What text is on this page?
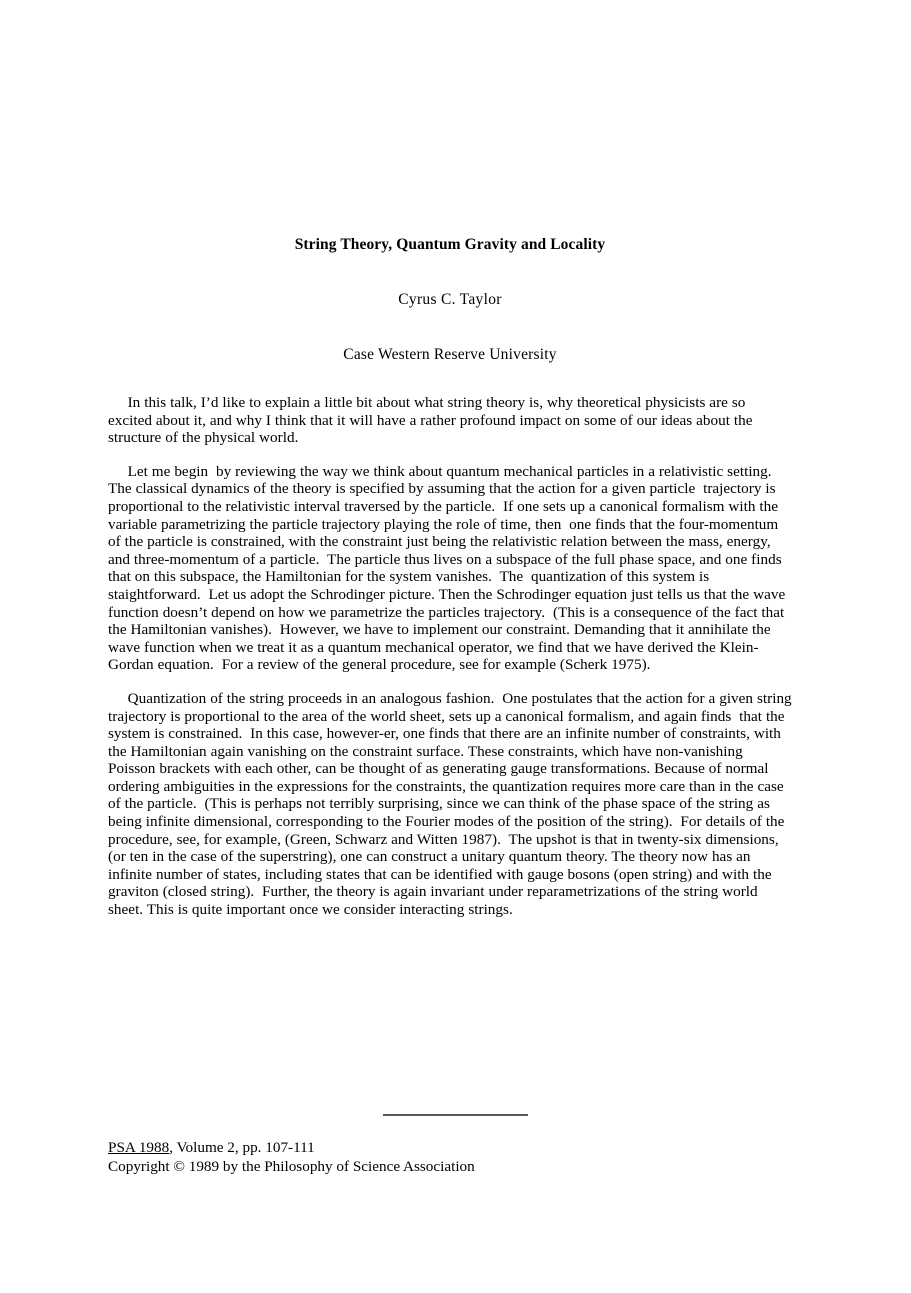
String Theory, Quantum Gravity and Locality
Cyrus C. Taylor
Case Western Reserve University

In this talk, I’d like to explain a little bit about what string theory is, why theoretical physicists are so excited about it, and why I think that it will have a rather profound impact on some of our ideas about the structure of the physical world.

Let me begin  by reviewing the way we think about quantum mechanical particles in a relativistic setting.  The classical dynamics of the theory is specified by assuming that the action for a given particle  trajectory is proportional to the relativistic interval traversed by the particle.  If one sets up a canonical formalism with the variable parametrizing the particle trajectory playing the role of time, then  one finds that the four-momentum of the particle is constrained, with the constraint just being the relativistic relation between the mass, energy, and three-momentum of a particle.  The particle thus lives on a subspace of the full phase space, and one finds that on this subspace, the Hamiltonian for the system vanishes.  The  quantization of this system is staightforward.  Let us adopt the Schrodinger picture. Then the Schrodinger equation just tells us that the wave function doesn’t depend on how we parametrize the particles trajectory.  (This is a consequence of the fact that the Hamiltonian vanishes).  However, we have to implement our constraint. Demanding that it annihilate the wave function when we treat it as a quantum mechanical operator, we find that we have derived the Klein-Gordan equation.  For a review of the general procedure, see for example (Scherk 1975).

Quantization of the string proceeds in an analogous fashion.  One postulates that the action for a given string trajectory is proportional to the area of the world sheet, sets up a canonical formalism, and again finds  that the system is constrained.  In this case, however-er, one finds that there are an infinite number of constraints, with the Hamiltonian again vanishing on the constraint surface. These constraints, which have non-vanishing Poisson brackets with each other, can be thought of as generating gauge transformations. Because of normal ordering ambiguities in the expressions for the constraints, the quantization requires more care than in the case of the particle.  (This is perhaps not terribly surprising, since we can think of the phase space of the string as being infinite dimensional, corresponding to the Fourier modes of the position of the string).  For details of the procedure, see, for example, (Green, Schwarz and Witten 1987).  The upshot is that in twenty-six dimensions, (or ten in the case of the superstring), one can construct a unitary quantum theory. The theory now has an infinite number of states, including states that can be identified with gauge bosons (open string) and with the graviton (closed string).  Further, the theory is again invariant under reparametrizations of the string world sheet. This is quite important once we consider interacting strings.

PSA 1988, Volume 2, pp. 107-111
Copyright © 1989 by the Philosophy of Science Association
